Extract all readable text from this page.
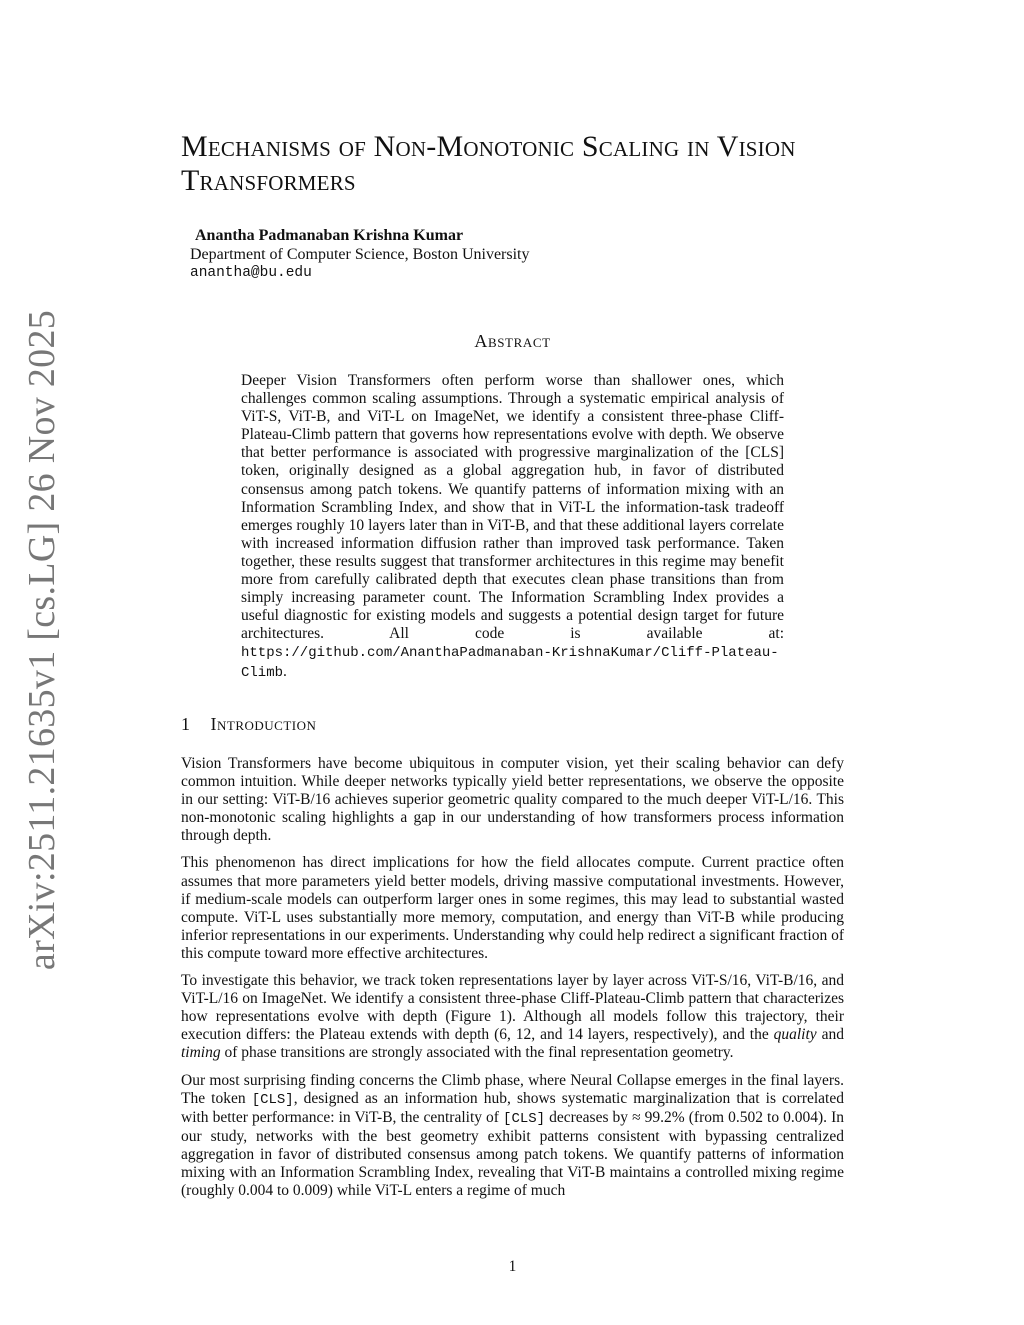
arXiv:2511.21635v1 [cs.LG] 26 Nov 2025
Mechanisms of Non-Monotonic Scaling in Vision Transformers
Anantha Padmanaban Krishna Kumar
Department of Computer Science, Boston University
anantha@bu.edu
Abstract

Deeper Vision Transformers often perform worse than shallower ones, which challenges common scaling assumptions. Through a systematic empirical analysis of ViT-S, ViT-B, and ViT-L on ImageNet, we identify a consistent three-phase Cliff-Plateau-Climb pattern that governs how representations evolve with depth. We observe that better performance is associated with progressive marginalization of the [CLS] token, originally designed as a global aggregation hub, in favor of distributed consensus among patch tokens. We quantify patterns of information mixing with an Information Scrambling Index, and show that in ViT-L the information-task tradeoff emerges roughly 10 layers later than in ViT-B, and that these additional layers correlate with increased information diffusion rather than improved task performance. Taken together, these results suggest that transformer architectures in this regime may benefit more from carefully calibrated depth that executes clean phase transitions than from simply increasing parameter count. The Information Scrambling Index provides a useful diagnostic for existing models and suggests a potential design target for future architectures. All code is available at: https://github.com/AnanthaPadmanaban-KrishnaKumar/Cliff-Plateau-Climb.

1 Introduction

Vision Transformers have become ubiquitous in computer vision, yet their scaling behavior can defy common intuition. While deeper networks typically yield better representations, we observe the opposite in our setting: ViT-B/16 achieves superior geometric quality compared to the much deeper ViT-L/16. This non-monotonic scaling highlights a gap in our understanding of how transformers process information through depth.

This phenomenon has direct implications for how the field allocates compute. Current practice often assumes that more parameters yield better models, driving massive computational investments. However, if medium-scale models can outperform larger ones in some regimes, this may lead to substantial wasted compute. ViT-L uses substantially more memory, computation, and energy than ViT-B while producing inferior representations in our experiments. Understanding why could help redirect a significant fraction of this compute toward more effective architectures.

To investigate this behavior, we track token representations layer by layer across ViT-S/16, ViT-B/16, and ViT-L/16 on ImageNet. We identify a consistent three-phase Cliff-Plateau-Climb pattern that characterizes how representations evolve with depth (Figure 1). Although all models follow this trajectory, their execution differs: the Plateau extends with depth (6, 12, and 14 layers, respectively), and the quality and timing of phase transitions are strongly associated with the final representation geometry.

Our most surprising finding concerns the Climb phase, where Neural Collapse emerges in the final layers. The token [CLS], designed as an information hub, shows systematic marginalization that is correlated with better performance: in ViT-B, the centrality of [CLS] decreases by ≈ 99.2% (from 0.502 to 0.004). In our study, networks with the best geometry exhibit patterns consistent with bypassing centralized aggregation in favor of distributed consensus among patch tokens. We quantify patterns of information mixing with an Information Scrambling Index, revealing that ViT-B maintains a controlled mixing regime (roughly 0.004 to 0.009) while ViT-L enters a regime of much

1
